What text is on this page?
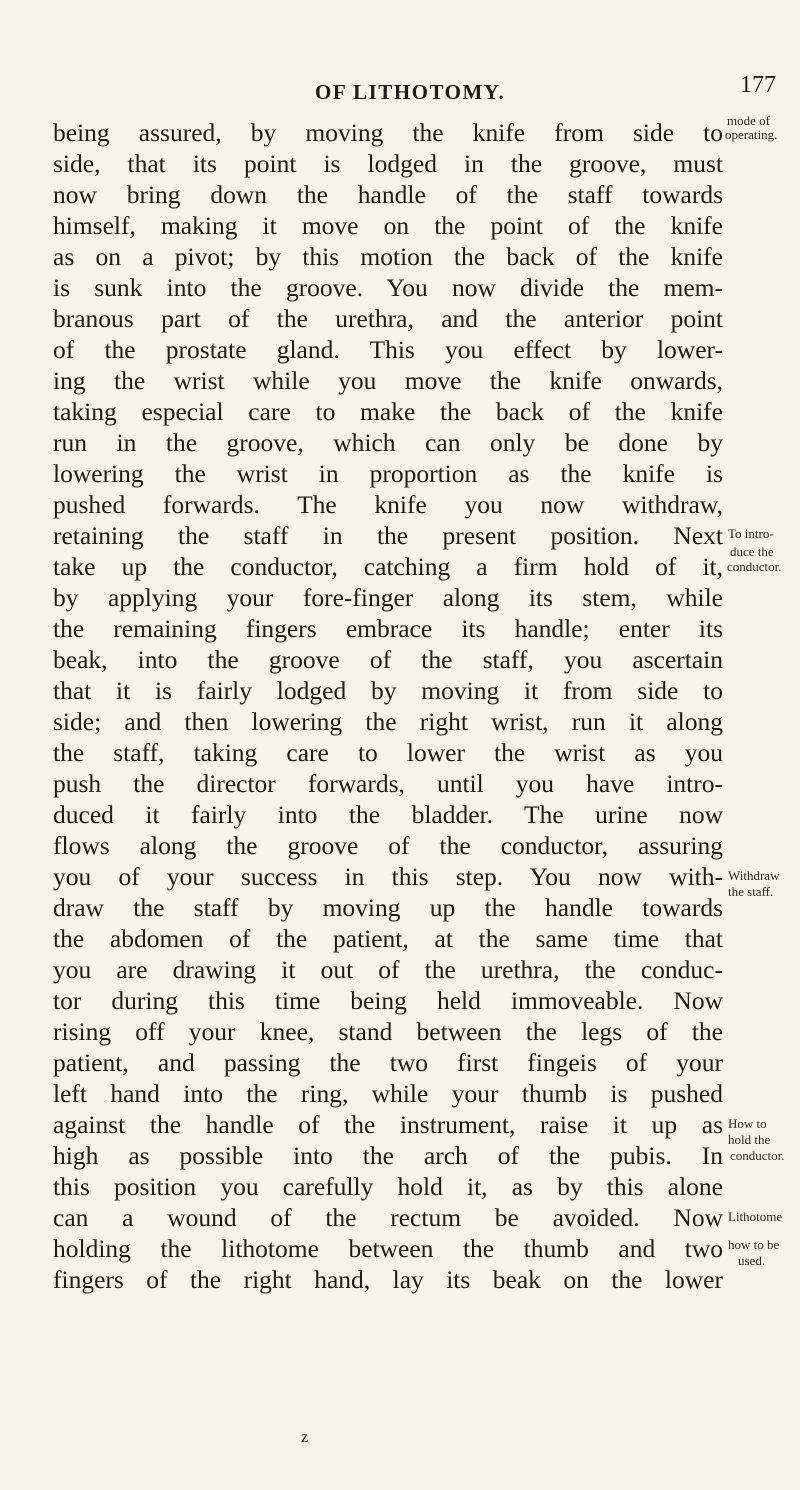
OF LITHOTOMY.	177
being assured, by moving the knife from side to
side, that its point is lodged in the groove, must
now bring down the handle of the staff towards
himself, making it move on the point of the knife
as on a pivot; by this motion the back of the knife
is sunk into the groove. You now divide the mem-
branous part of the urethra, and the anterior point
of the prostate gland. This you effect by lower-
ing the wrist while you move the knife onwards,
taking especial care to make the back of the knife
run in the groove, which can only be done by
lowering the wrist in proportion as the knife is
pushed forwards. The knife you now withdraw,
retaining the staff in the present position. Next
take up the conductor, catching a firm hold of it,
by applying your fore-finger along its stem, while
the remaining fingers embrace its handle; enter its
beak, into the groove of the staff, you ascertain
that it is fairly lodged by moving it from side to
side; and then lowering the right wrist, run it along
the staff, taking care to lower the wrist as you
push the director forwards, until you have intro-
duced it fairly into the bladder. The urine now
flows along the groove of the conductor, assuring
you of your success in this step. You now with-
draw the staff by moving up the handle towards
the abdomen of the patient, at the same time that
you are drawing it out of the urethra, the conduc-
tor during this time being held immoveable. Now
rising off your knee, stand between the legs of the
patient, and passing the two first fingeis of your
left hand into the ring, while your thumb is pushed
against the handle of the instrument, raise it up as
high as possible into the arch of the pubis. In
this position you carefully hold it, as by this alone
can a wound of the rectum be avoided. Now
holding the lithotome between the thumb and two
fingers of the right hand, lay its beak on the lower
mode of
operating.
To intro-
duce the
conductor.
Withdraw
the staff.
How to
hold the
conductor.
Lithotome
how to be
used.
z
